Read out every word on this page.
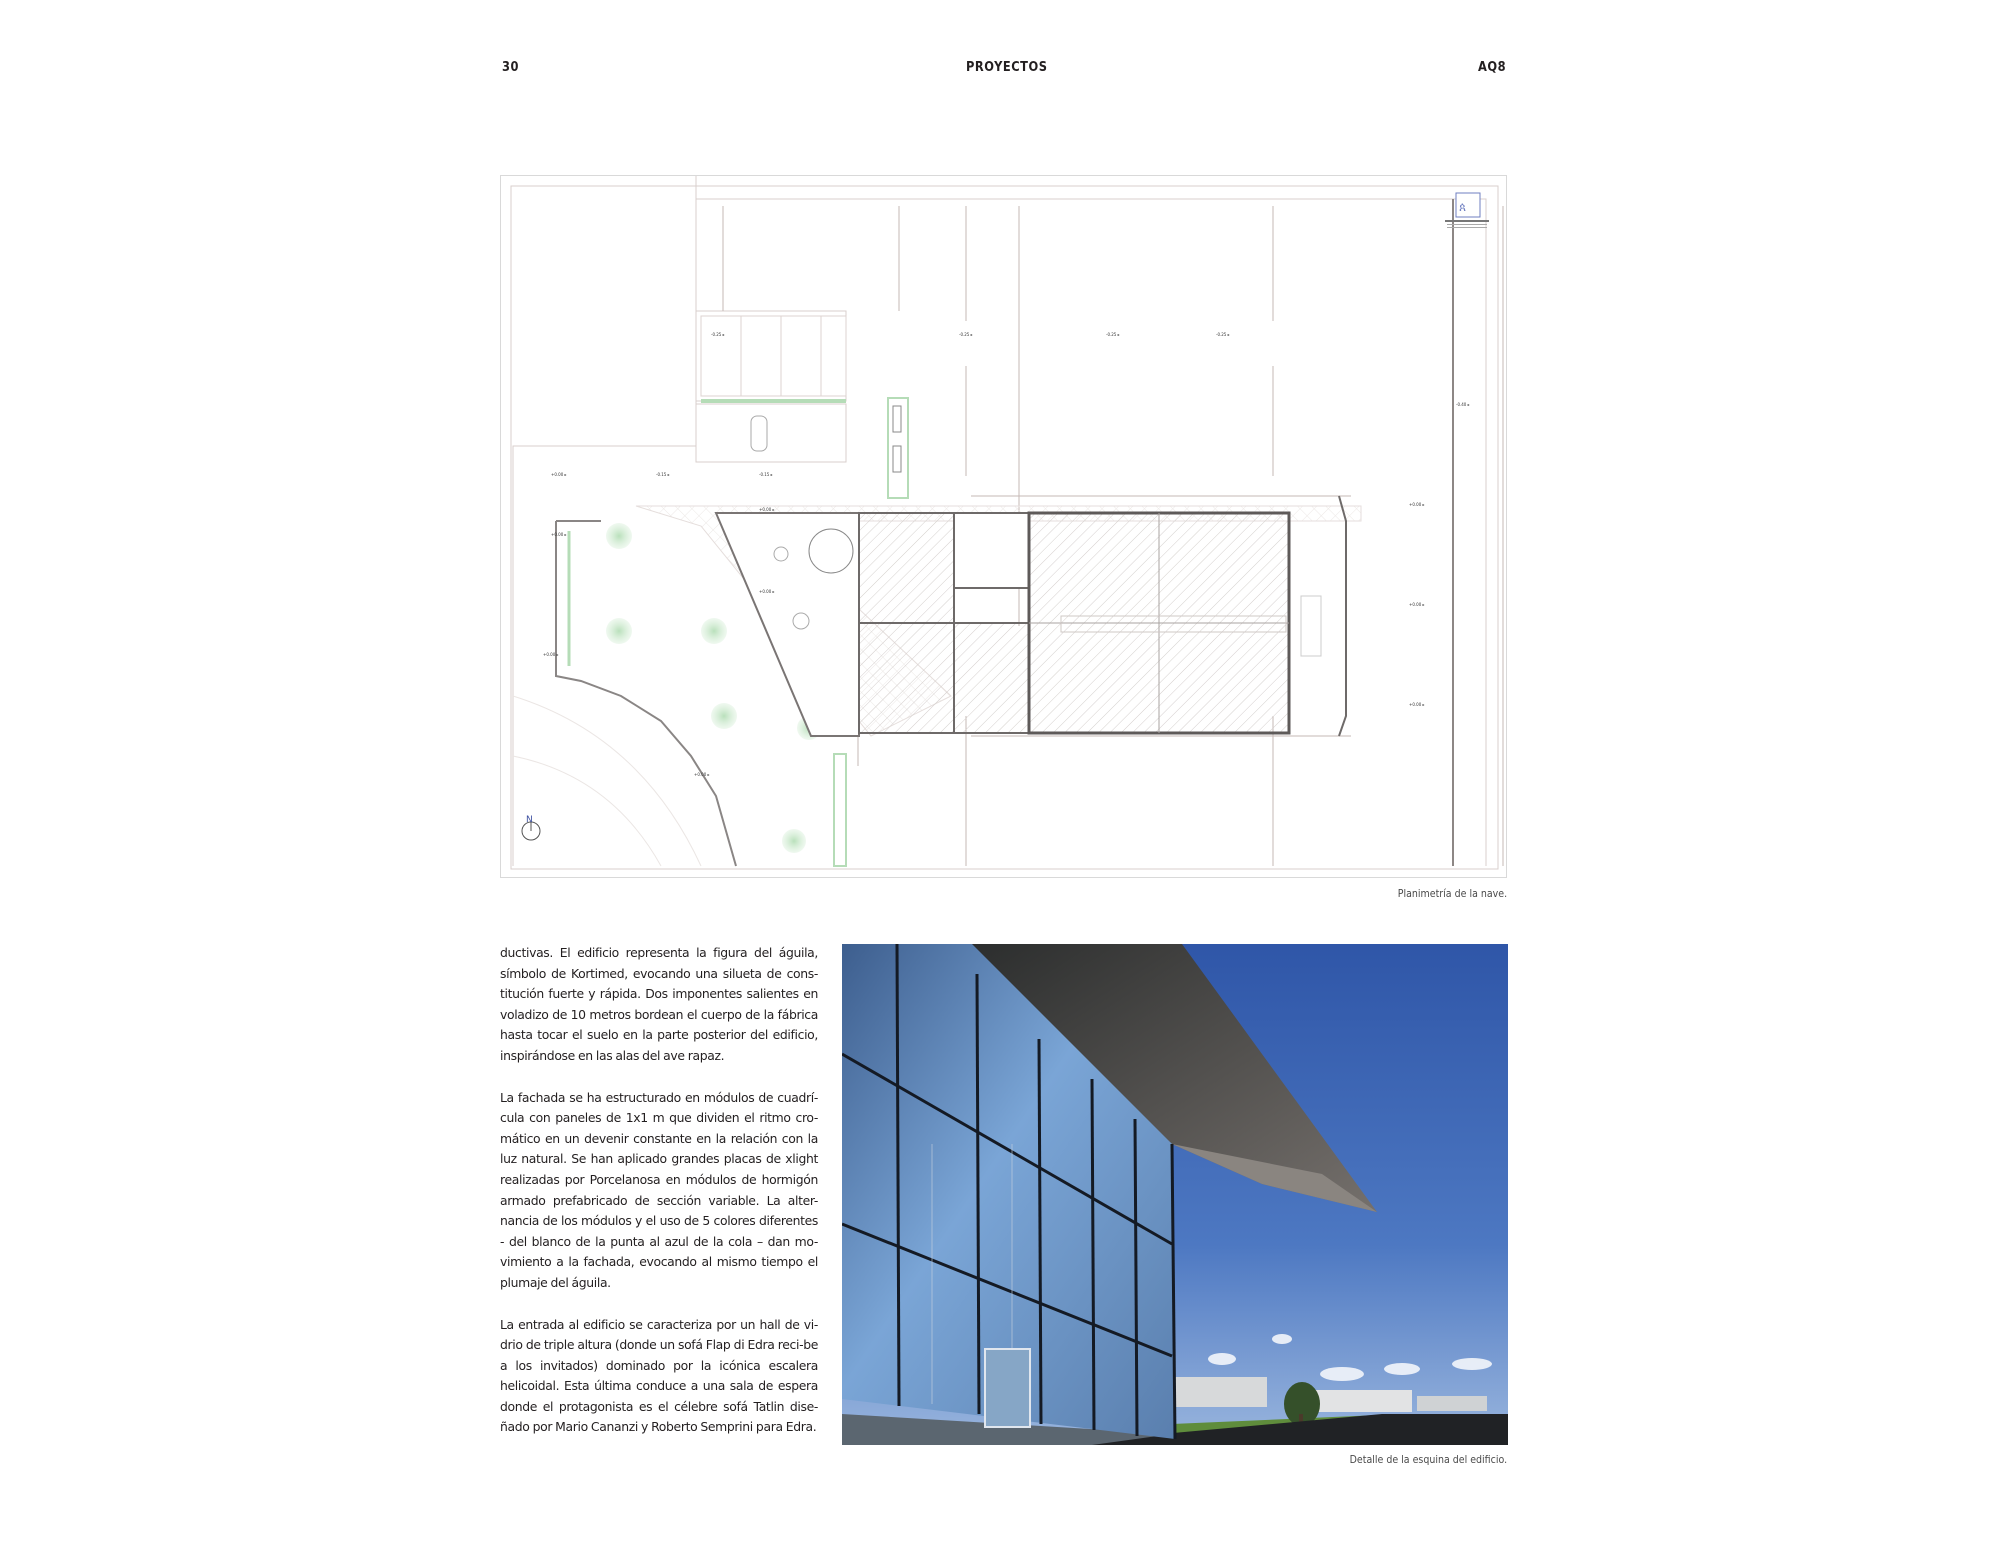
30	PROYECTOS	AQ8
N
ጰ
-0.25 ▸	-0.25 ▸	-0.25 ▸	-0.25 ▸
-0.40 ▸
+0.00 ▸	-0.15 ▸	-0.15 ▸
+0.00 ▸
+0.00 ▸
+0.00 ▸
+0.00 ▸
+0.00 ▸
+0.00 ▸
+0.00 ▸
+0.00 ▸
Planimetría de la nave.

ductivas. El edificio representa la figura del águila, símbolo de Kortimed, evocando una silueta de cons-titución fuerte y rápida. Dos imponentes salientes en voladizo de 10 metros bordean el cuerpo de la fábrica hasta tocar el suelo en la parte posterior del edificio, inspirándose en las alas del ave rapaz.

La fachada se ha estructurado en módulos de cuadrí-cula con paneles de 1x1 m que dividen el ritmo cro-mático en un devenir constante en la relación con la luz natural. Se han aplicado grandes placas de xlight realizadas por Porcelanosa en módulos de hormigón armado prefabricado de sección variable. La alter-nancia de los módulos y el uso de 5 colores diferentes - del blanco de la punta al azul de la cola – dan mo-vimiento a la fachada, evocando al mismo tiempo el plumaje del águila.

La entrada al edificio se caracteriza por un hall de vi-drio de triple altura (donde un sofá Flap di Edra reci-be a los invitados) dominado por la icónica escalera helicoidal. Esta última conduce a una sala de espera donde el protagonista es el célebre sofá Tatlin dise-ñado por Mario Cananzi y Roberto Semprini para Edra.

Detalle de la esquina del edificio.
